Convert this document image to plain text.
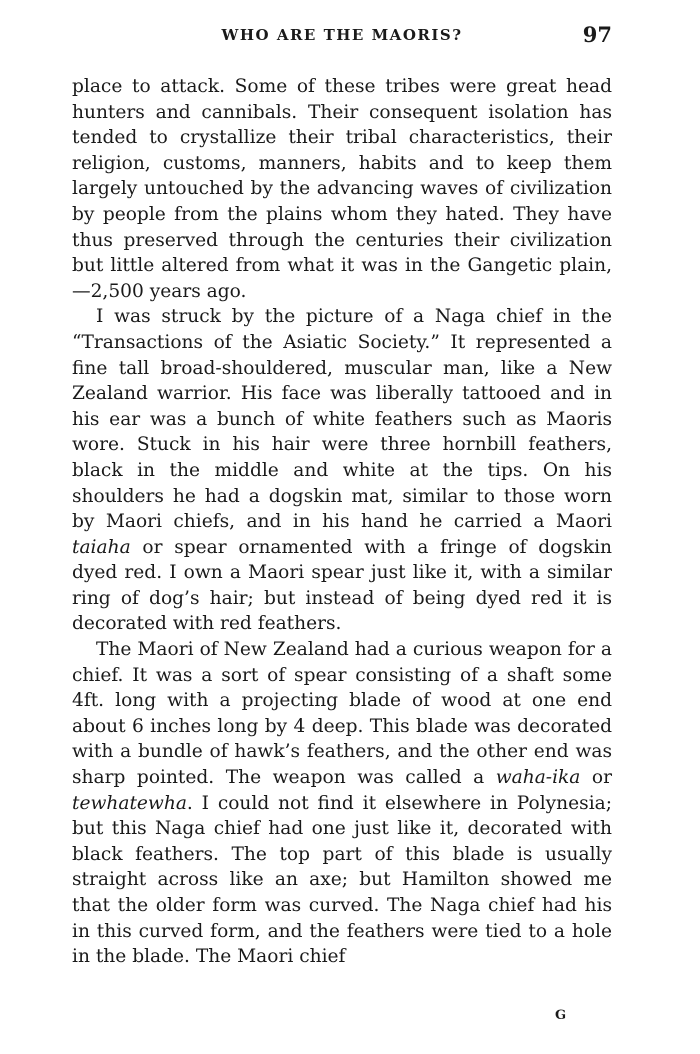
WHO ARE THE MAORIS?	97

place to attack. Some of these tribes were great head hunters and cannibals. Their consequent isolation has tended to crystallize their tribal characteristics, their religion, customs, manners, habits and to keep them largely untouched by the advancing waves of civilization by people from the plains whom they hated. They have thus preserved through the centuries their civilization but little altered from what it was in the Gangetic plain,—2,500 years ago.

I was struck by the picture of a Naga chief in the “Transactions of the Asiatic Society.” It represented a fine tall broad-shouldered, muscular man, like a New Zealand warrior. His face was liberally tattooed and in his ear was a bunch of white feathers such as Maoris wore. Stuck in his hair were three hornbill feathers, black in the middle and white at the tips. On his shoulders he had a dogskin mat, similar to those worn by Maori chiefs, and in his hand he carried a Maori taiaha or spear ornamented with a fringe of dogskin dyed red. I own a Maori spear just like it, with a similar ring of dog’s hair; but instead of being dyed red it is decorated with red feathers.

The Maori of New Zealand had a curious weapon for a chief. It was a sort of spear consisting of a shaft some 4ft. long with a projecting blade of wood at one end about 6 inches long by 4 deep. This blade was decorated with a bundle of hawk’s feathers, and the other end was sharp pointed. The weapon was called a waha-ika or tewhatewha. I could not find it elsewhere in Polynesia; but this Naga chief had one just like it, decorated with black feathers. The top part of this blade is usually straight across like an axe; but Hamilton showed me that the older form was curved. The Naga chief had his in this curved form, and the feathers were tied to a hole in the blade. The Maori chief

G
